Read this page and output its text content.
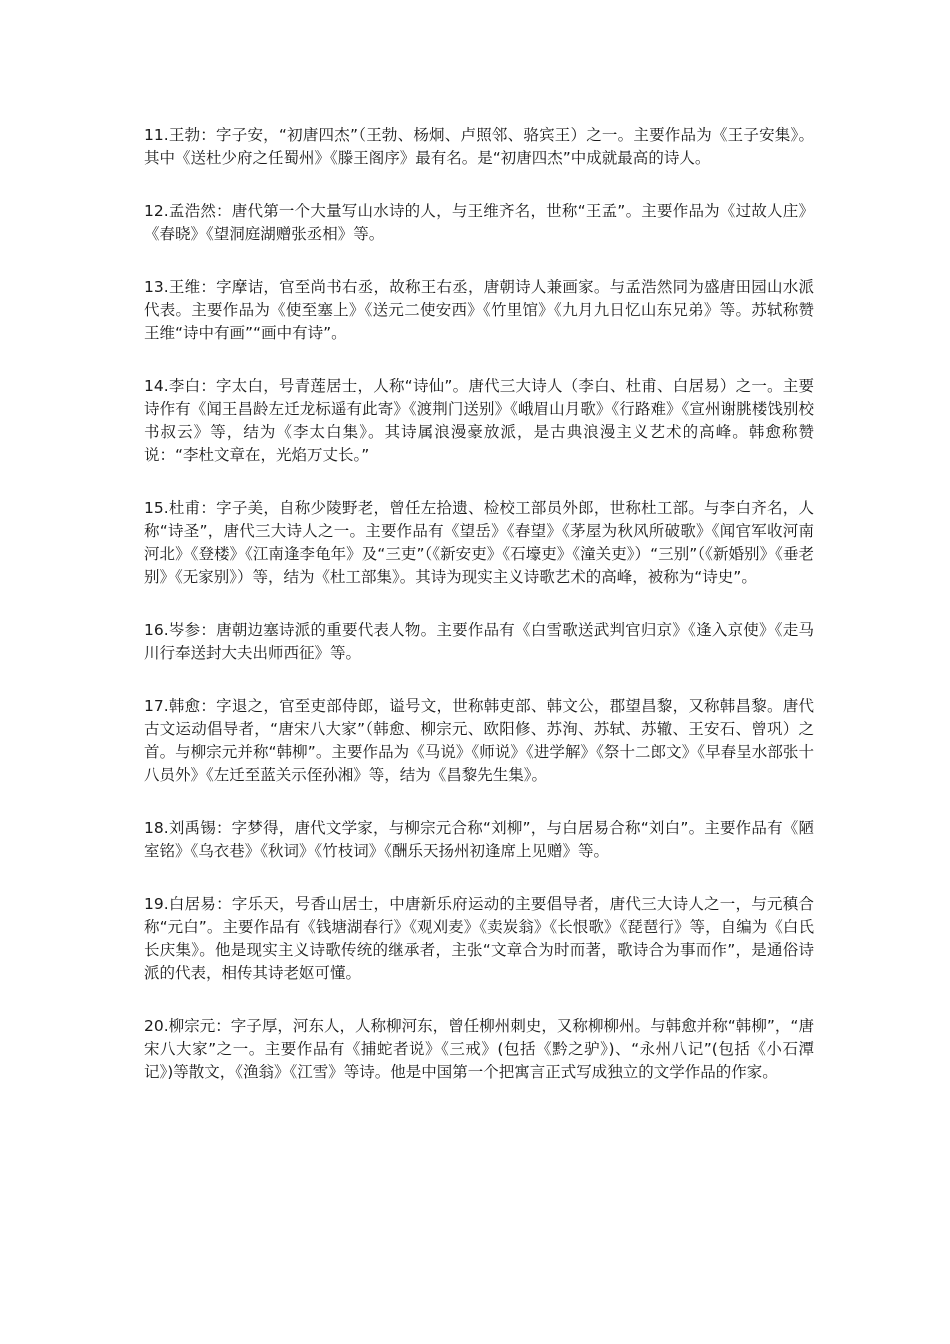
11.王勃：字子安，“初唐四杰”（王勃、杨炯、卢照邻、骆宾王）之一。主要作品为《王子安集》。其中《送杜少府之任蜀州》《滕王阁序》最有名。是“初唐四杰”中成就最高的诗人。

12.孟浩然：唐代第一个大量写山水诗的人，与王维齐名，世称“王孟”。主要作品为《过故人庄》《春晓》《望洞庭湖赠张丞相》等。

13.王维：字摩诘，官至尚书右丞，故称王右丞，唐朝诗人兼画家。与孟浩然同为盛唐田园山水派代表。主要作品为《使至塞上》《送元二使安西》《竹里馆》《九月九日忆山东兄弟》等。苏轼称赞王维“诗中有画”“画中有诗”。

14.李白：字太白，号青莲居士，人称“诗仙”。唐代三大诗人（李白、杜甫、白居易）之一。主要诗作有《闻王昌龄左迁龙标遥有此寄》《渡荆门送别》《峨眉山月歌》《行路难》《宣州谢朓楼饯别校书叔云》等，结为《李太白集》。其诗属浪漫豪放派，是古典浪漫主义艺术的高峰。韩愈称赞说：“李杜文章在，光焰万丈长。”

15.杜甫：字子美，自称少陵野老，曾任左拾遗、检校工部员外郎，世称杜工部。与李白齐名，人称“诗圣”，唐代三大诗人之一。主要作品有《望岳》《春望》《茅屋为秋风所破歌》《闻官军收河南河北》《登楼》《江南逢李龟年》及“三吏”（《新安吏》《石壕吏》《潼关吏》）“三别”（《新婚别》《垂老别》《无家别》）等，结为《杜工部集》。其诗为现实主义诗歌艺术的高峰，被称为“诗史”。

16.岑参：唐朝边塞诗派的重要代表人物。主要作品有《白雪歌送武判官归京》《逢入京使》《走马川行奉送封大夫出师西征》等。

17.韩愈：字退之，官至吏部侍郎，谥号文，世称韩吏部、韩文公，郡望昌黎，又称韩昌黎。唐代古文运动倡导者，“唐宋八大家”（韩愈、柳宗元、欧阳修、苏洵、苏轼、苏辙、王安石、曾巩）之首。与柳宗元并称“韩柳”。主要作品为《马说》《师说》《进学解》《祭十二郎文》《早春呈水部张十八员外》《左迁至蓝关示侄孙湘》等，结为《昌黎先生集》。

18.刘禹锡：字梦得，唐代文学家，与柳宗元合称“刘柳”，与白居易合称“刘白”。主要作品有《陋室铭》《乌衣巷》《秋词》《竹枝词》《酬乐天扬州初逢席上见赠》等。

19.白居易：字乐天，号香山居士，中唐新乐府运动的主要倡导者，唐代三大诗人之一，与元稹合称“元白”。主要作品有《钱塘湖春行》《观刈麦》《卖炭翁》《长恨歌》《琵琶行》等，自编为《白氏长庆集》。他是现实主义诗歌传统的继承者，主张“文章合为时而著，歌诗合为事而作”，是通俗诗派的代表，相传其诗老妪可懂。

20.柳宗元：字子厚，河东人，人称柳河东，曾任柳州刺史，又称柳柳州。与韩愈并称“韩柳”，“唐宋八大家”之一。主要作品有《捕蛇者说》《三戒》(包括《黔之驴》)、“永州八记”(包括《小石潭记》)等散文，《渔翁》《江雪》等诗。他是中国第一个把寓言正式写成独立的文学作品的作家。
